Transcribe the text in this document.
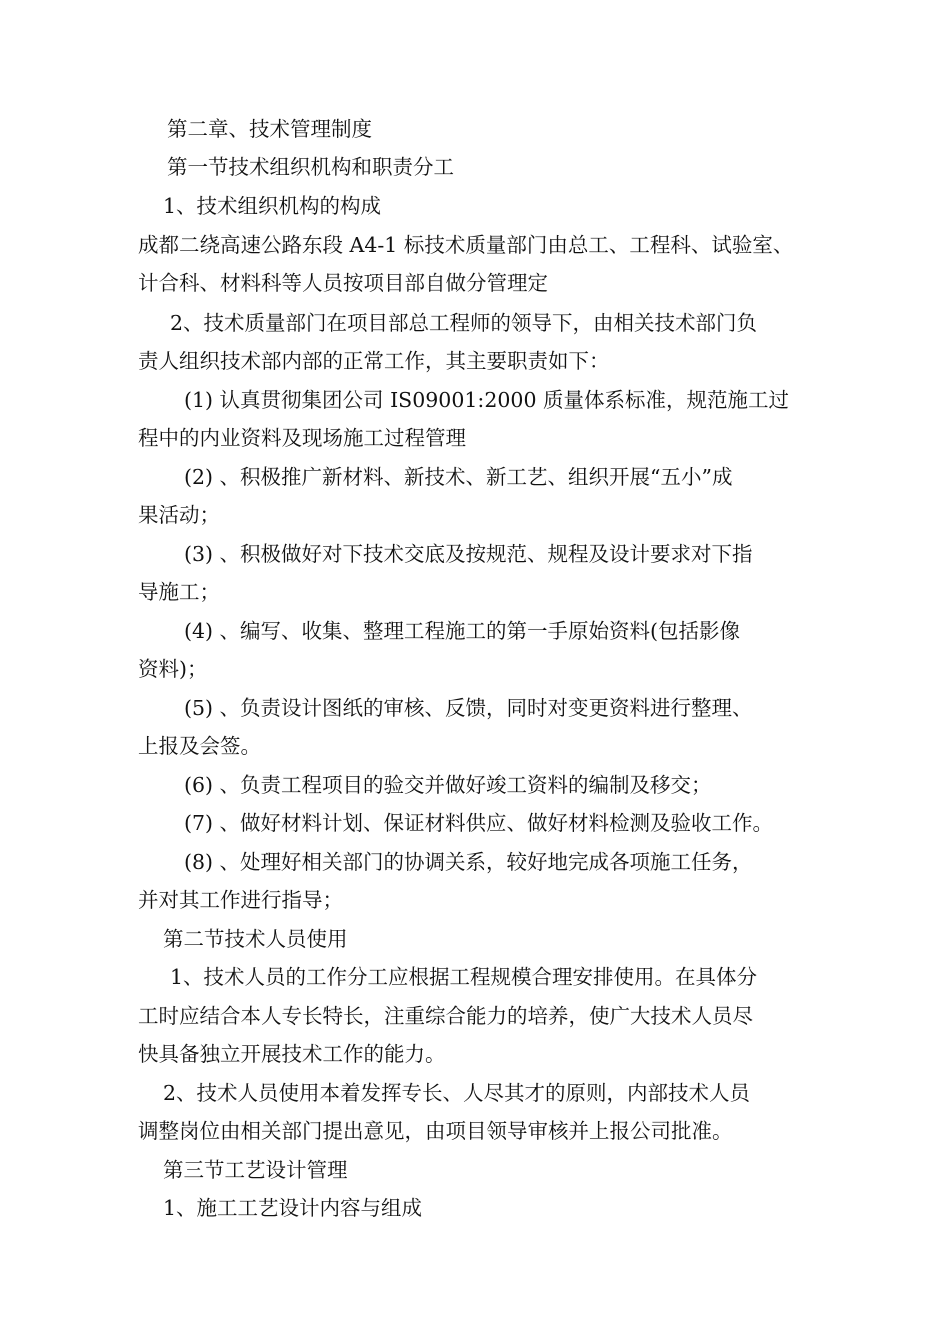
第二章、技术管理制度
第一节技术组织机构和职责分工
1、技术组织机构的构成
成都二绕高速公路东段 A4-1 标技术质量部门由总工、工程科、试验室、
计合科、材料科等人员按项目部自做分管理定
2、技术质量部门在项目部总工程师的领导下，由相关技术部门负
责人组织技术部内部的正常工作，其主要职责如下：
(1) 认真贯彻集团公司 IS09001:2000 质量体系标准，规范施工过
程中的内业资料及现场施工过程管理
(2) 、积极推广新材料、新技术、新工艺、组织开展“五小”成
果活动；
(3) 、积极做好对下技术交底及按规范、规程及设计要求对下指
导施工；
(4) 、编写、收集、整理工程施工的第一手原始资料(包括影像
资料)；
(5) 、负责设计图纸的审核、反馈，同时对变更资料进行整理、
上报及会签。
(6) 、负责工程项目的验交并做好竣工资料的编制及移交；
(7) 、做好材料计划、保证材料供应、做好材料检测及验收工作。
(8) 、处理好相关部门的协调关系，较好地完成各项施工任务，
并对其工作进行指导；
第二节技术人员使用
1、技术人员的工作分工应根据工程规模合理安排使用。在具体分
工时应结合本人专长特长，注重综合能力的培养，使广大技术人员尽
快具备独立开展技术工作的能力。
2、技术人员使用本着发挥专长、人尽其才的原则，内部技术人员
调整岗位由相关部门提出意见，由项目领导审核并上报公司批准。
第三节工艺设计管理
1、施工工艺设计内容与组成
